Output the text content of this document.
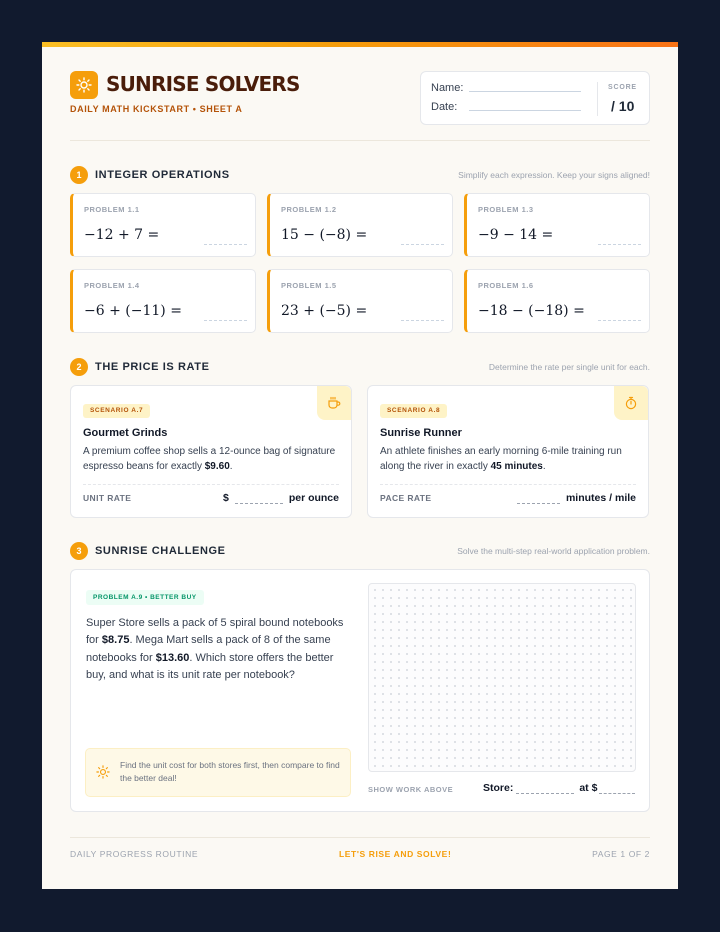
SUNRISE SOLVERS
DAILY MATH KICKSTART • SHEET A
Name:
Date:
SCORE
/ 10
1	INTEGER OPERATIONS	Simplify each expression. Keep your signs aligned!
PROBLEM 1.1
−12 + 7 =
PROBLEM 1.2
15 − (−8) =
PROBLEM 1.3
−9 − 14 =
PROBLEM 1.4
−6 + (−11) =
PROBLEM 1.5
23 + (−5) =
PROBLEM 1.6
−18 − (−18) =
2	THE PRICE IS RATE	Determine the rate per single unit for each.
SCENARIO A.7
Gourmet Grinds
A premium coffee shop sells a 12-ounce bag of signature espresso beans for exactly $9.60.
UNIT RATE	$	per ounce
SCENARIO A.8
Sunrise Runner
An athlete finishes an early morning 6-mile training run along the river in exactly 45 minutes.
PACE RATE	minutes / mile
3	SUNRISE CHALLENGE	Solve the multi-step real-world application problem.
PROBLEM A.9 • BETTER BUY
Super Store sells a pack of 5 spiral bound notebooks for $8.75. Mega Mart sells a pack of 8 of the same notebooks for $13.60. Which store offers the better buy, and what is its unit rate per notebook?
Find the unit cost for both stores first, then compare to find the better deal!
SHOW WORK ABOVE	Store:	at $
DAILY PROGRESS ROUTINE	LET'S RISE AND SOLVE!	PAGE 1 OF 2
